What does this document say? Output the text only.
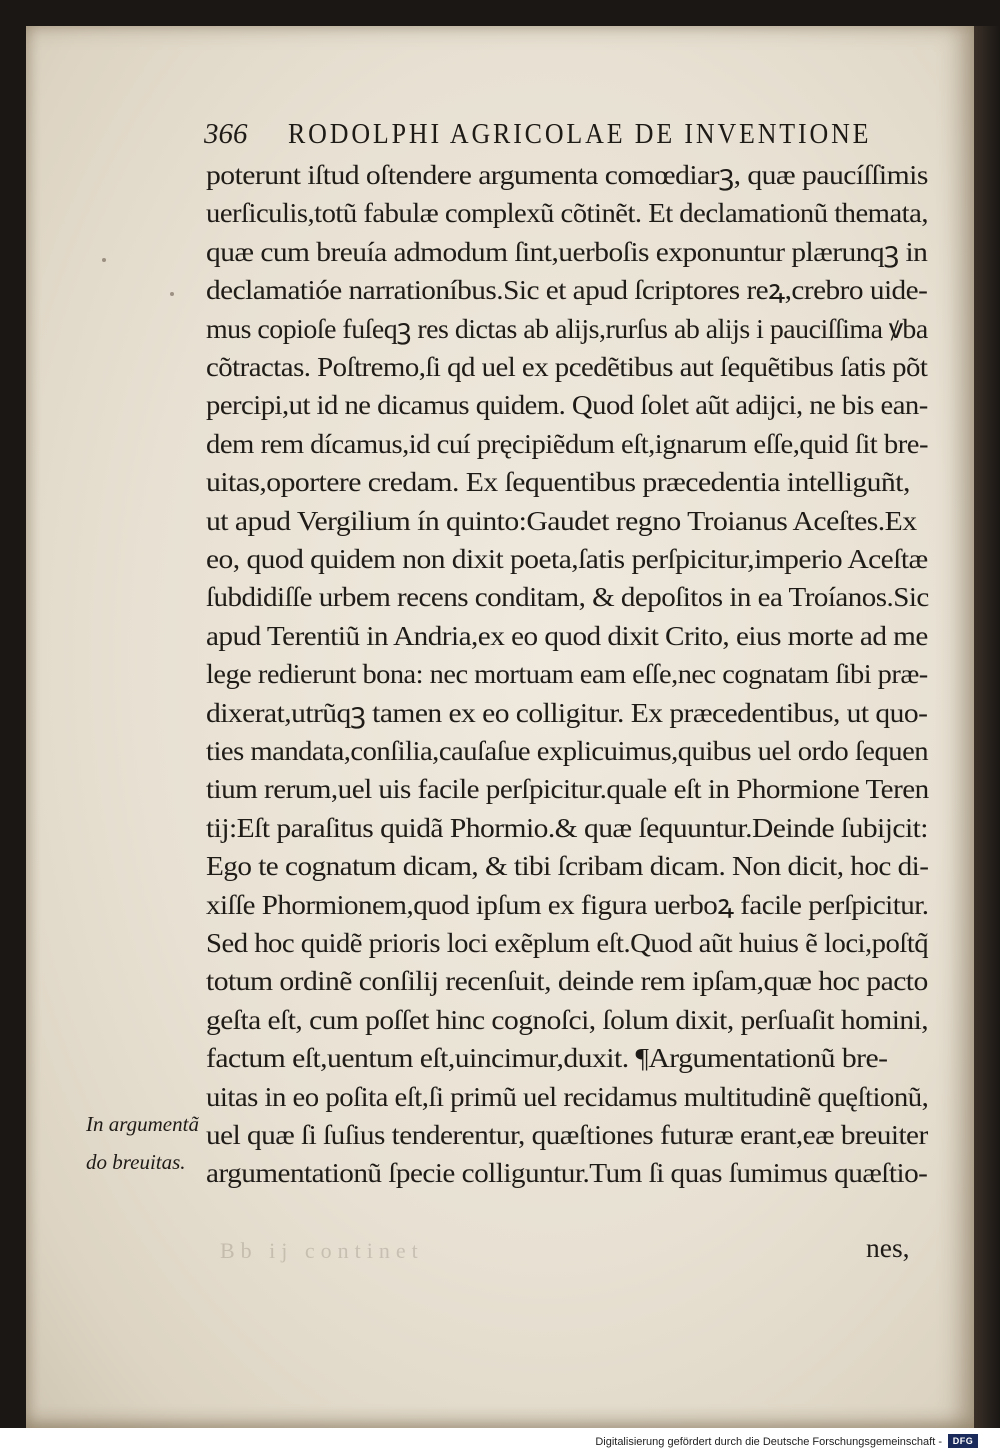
366 RODOLPHI AGRICOLAE DE INVENTIONE
poterunt iſtud oſtendere argumenta comœdiarꝫ, quæ paucíſſimis
uerſiculis,totũ fabulæ complexũ cõtinẽt. Et declamationũ themata,
quæ cum breuía admodum ſint,uerboſis exponuntur plærunqꝫ in
declamatióe narrationíbus.Sic et apud ſcriptores reꝝ,crebro uide-
mus copioſe fuſeqꝫ res dictas ab alijs,rurſus ab alijs i pauciſſima ꝟba
cõtractas. Poſtremo,ſi qd uel ex pcedẽtibus aut ſequẽtibus ſatis põt
percipi,ut id ne dicamus quidem. Quod ſolet aũt adijci, ne bis ean-
dem rem dícamus,id cuí pręcipiẽdum eſt,ignarum eſſe,quid ſit bre-
uitas,oportere credam. Ex ſequentibus præcedentia intelliguñt,
ut apud Vergilium ín quinto:Gaudet regno Troianus Aceſtes.Ex
eo, quod quidem non dixit poeta,ſatis perſpicitur,imperio Aceſtæ
ſubdidiſſe urbem recens conditam, & depoſitos in ea Troíanos.Sic
apud Terentiũ in Andria,ex eo quod dixit Crito, eius morte ad me
lege redierunt bona: nec mortuam eam eſſe,nec cognatam ſibi præ-
dixerat,utrũqꝫ tamen ex eo colligitur. Ex præcedentibus, ut quo-
ties mandata,conſilia,cauſaſue explicuimus,quibus uel ordo ſequen
tium rerum,uel uis facile perſpicitur.quale eſt in Phormione Teren
tij:Eſt paraſitus quidã Phormio.& quæ ſequuntur.Deinde ſubijcit:
Ego te cognatum dicam, & tibi ſcribam dicam. Non dicit, hoc di-
xiſſe Phormionem,quod ipſum ex figura uerboꝝ facile perſpicitur.
Sed hoc quidẽ prioris loci exẽplum eſt.Quod aũt huius ẽ loci,poſtq̃
totum ordinẽ conſilij recenſuit, deinde rem ipſam,quæ hoc pacto
geſta eſt, cum poſſet hinc cognoſci, ſolum dixit, perſuaſit homini,
factum eſt,uentum eſt,uincimur,duxit. ¶Argumentationũ bre-
uitas in eo poſita eſt,ſi primũ uel recidamus multitudinẽ quęſtionũ,
uel quæ ſi ſuſius tenderentur, quæſtiones futuræ erant,eæ breuiter
argumentationũ ſpecie colliguntur.Tum ſi quas ſumimus quæſtio-
In argumentã
do breuitas.
nes,
Bb ij continet
Digitalisierung gefördert durch die Deutsche Forschungsgemeinschaft -	DFG
